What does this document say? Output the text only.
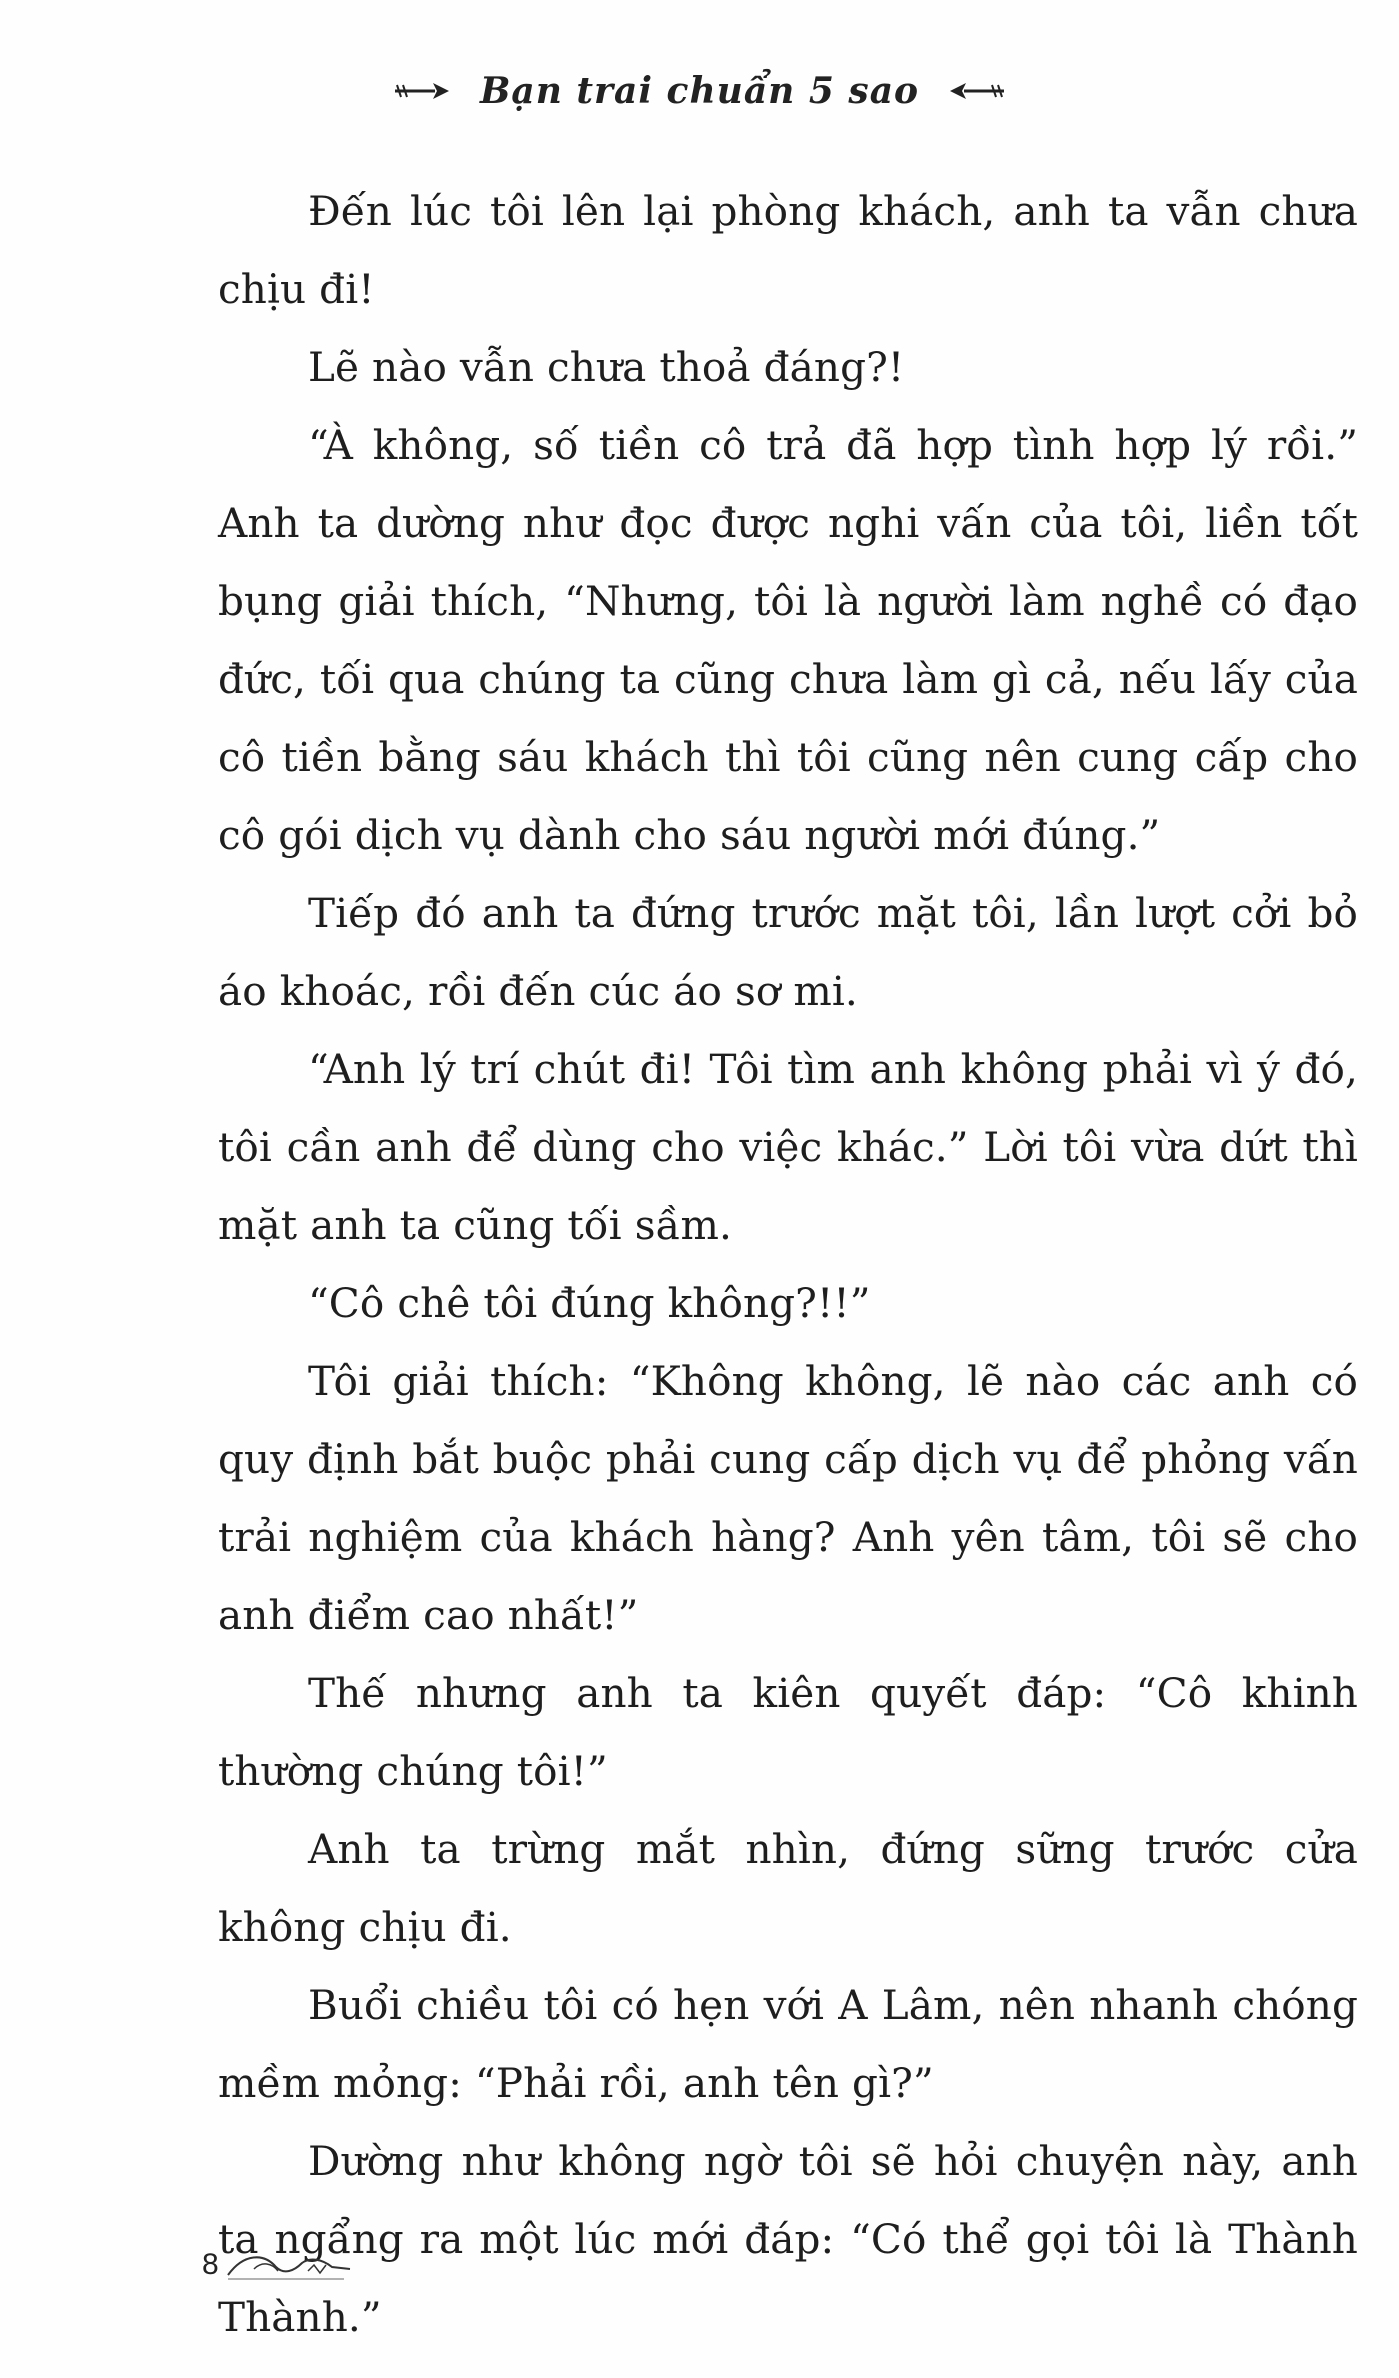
Bạn trai chuẩn 5 sao

Đến lúc tôi lên lại phòng khách, anh ta vẫn chưa chịu đi!

Lẽ nào vẫn chưa thoả đáng?!

“À không, số tiền cô trả đã hợp tình hợp lý rồi.” Anh ta dường như đọc được nghi vấn của tôi, liền tốt bụng giải thích, “Nhưng, tôi là người làm nghề có đạo đức, tối qua chúng ta cũng chưa làm gì cả, nếu lấy của cô tiền bằng sáu khách thì tôi cũng nên cung cấp cho cô gói dịch vụ dành cho sáu người mới đúng.”

Tiếp đó anh ta đứng trước mặt tôi, lần lượt cởi bỏ áo khoác, rồi đến cúc áo sơ mi.

“Anh lý trí chút đi! Tôi tìm anh không phải vì ý đó, tôi cần anh để dùng cho việc khác.” Lời tôi vừa dứt thì mặt anh ta cũng tối sầm.

“Cô chê tôi đúng không?!!”

Tôi giải thích: “Không không, lẽ nào các anh có quy định bắt buộc phải cung cấp dịch vụ để phỏng vấn trải nghiệm của khách hàng? Anh yên tâm, tôi sẽ cho anh điểm cao nhất!”

Thế nhưng anh ta kiên quyết đáp: “Cô khinh thường chúng tôi!”

Anh ta trừng mắt nhìn, đứng sững trước cửa không chịu đi.

Buổi chiều tôi có hẹn với A Lâm, nên nhanh chóng mềm mỏng: “Phải rồi, anh tên gì?”

Dường như không ngờ tôi sẽ hỏi chuyện này, anh ta ngẩng ra một lúc mới đáp: “Có thể gọi tôi là Thành Thành.”

8
